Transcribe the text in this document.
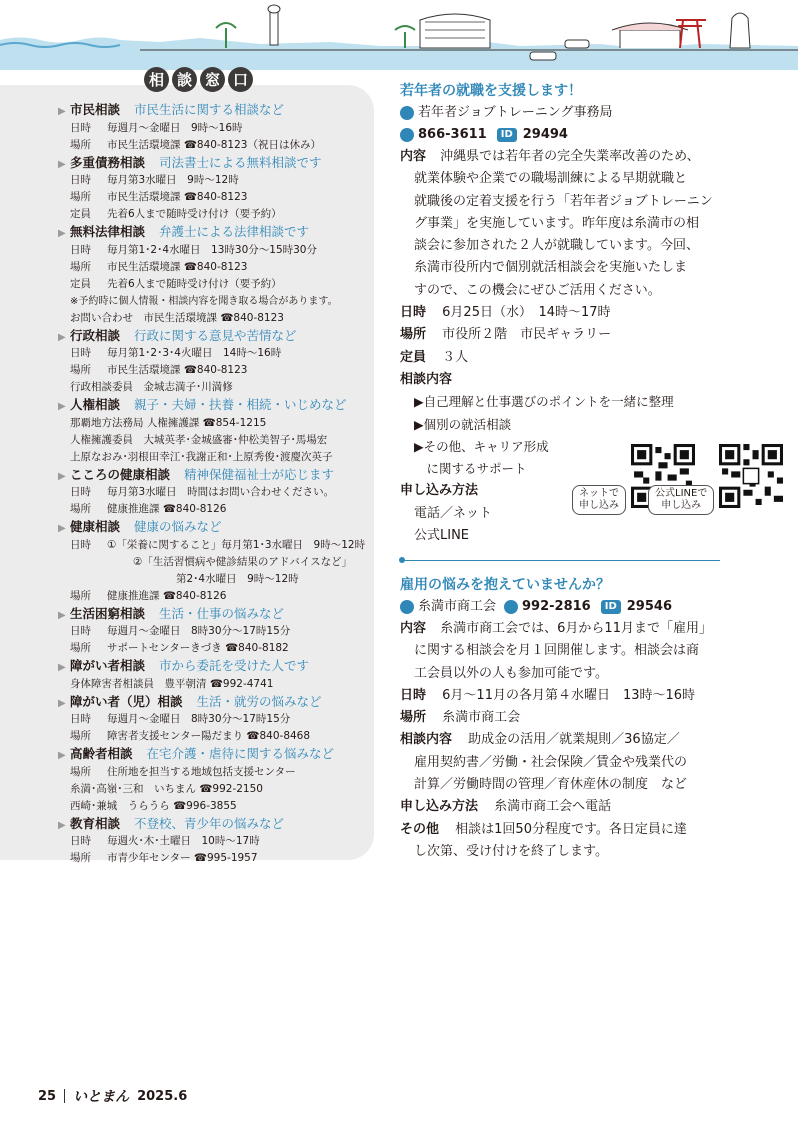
相 談 窓 口
▶ 市民相談 市民生活に関する相談など
日時	毎週月～金曜日　9時～16時
場所	市民生活環境課 ☎840-8123（祝日は休み）
▶ 多重債務相談 司法書士による無料相談です
日時	毎月第3水曜日　9時～12時
場所	市民生活環境課 ☎840-8123
定員	先着6人まで随時受け付け（要予約）
▶ 無料法律相談 弁護士による法律相談です
日時	毎月第1･2･4水曜日　13時30分～15時30分
場所	市民生活環境課 ☎840-8123
定員	先着6人まで随時受け付け（要予約）
※予約時に個人情報・相談内容を聞き取る場合があります。
お問い合わせ　市民生活環境課 ☎840-8123
▶ 行政相談 行政に関する意見や苦情など
日時	毎月第1･2･3･4火曜日　14時～16時
場所	市民生活環境課 ☎840-8123
行政相談委員　金城志満子･川満修
▶ 人権相談 親子・夫婦・扶養・相続・いじめなど
那覇地方法務局 人権擁護課 ☎854-1215
人権擁護委員　大城英孝･金城盛審･仲松美智子･馬場宏
上原なおみ･羽根田幸江･我謝正和･上原秀俊･渡慶次英子
▶ こころの健康相談 精神保健福祉士が応じます
日時	毎月第3水曜日　時間はお問い合わせください。
場所	健康推進課 ☎840-8126
▶ 健康相談 健康の悩みなど
日時	①「栄養に関すること」毎月第1･3水曜日　9時～12時
②「生活習慣病や健診結果のアドバイスなど」
第2･4水曜日　9時～12時
場所	健康推進課 ☎840-8126
▶ 生活困窮相談 生活・仕事の悩みなど
日時	毎週月～金曜日　8時30分～17時15分
場所	サポートセンターきづき ☎840-8182
▶ 障がい者相談 市から委託を受けた人です
身体障害者相談員　豊平朝清 ☎992-4741
▶ 障がい者（児）相談 生活・就労の悩みなど
日時	毎週月～金曜日　8時30分～17時15分
場所	障害者支援センター陽だまり ☎840-8468
▶ 高齢者相談 在宅介護・虐待に関する悩みなど
場所	住所地を担当する地域包括支援センター
糸満･高嶺･三和　いちまん ☎992-2150
西崎･兼城　うらうら ☎996-3855
▶ 教育相談 不登校、青少年の悩みなど
日時	毎週火･木･土曜日　10時～17時
場所	市青少年センター ☎995-1957
若年者の就職を支援します！
若年者ジョブトレーニング事務局
866-3611	ID 29494
内容 沖縄県では若年者の完全失業率改善のため、
就業体験や企業での職場訓練による早期就職と
就職後の定着支援を行う「若年者ジョブトレーニン
グ事業」を実施しています。昨年度は糸満市の相
談会に参加された２人が就職しています。今回、
糸満市役所内で個別就活相談会を実施いたしま
すので、この機会にぜひご活用ください。
日時 6月25日（水）　14時～17時
場所 市役所２階　市民ギャラリー
定員 ３人
相談内容
▶自己理解と仕事選びのポイントを一緒に整理
▶個別の就活相談
▶その他、キャリア形成
　に関するサポート
申し込み方法
電話／ネット
公式LINE
ネットで
申し込み
公式LINEで
申し込み
雇用の悩みを抱えていませんか？
糸満市商工会 992-2816	ID 29546
内容 糸満市商工会では、6月から11月まで「雇用」
に関する相談会を月１回開催します。相談会は商
工会員以外の人も参加可能です。
日時 6月～11月の各月第４水曜日　13時～16時
場所 糸満市商工会
相談内容 助成金の活用／就業規則／36協定／
雇用契約書／労働・社会保険／賃金や残業代の
計算／労働時間の管理／育休産休の制度　など
申し込み方法 糸満市商工会へ電話
その他 相談は1回50分程度です。各日定員に達
し次第、受け付けを終了します。
25 いとまん 2025.6
